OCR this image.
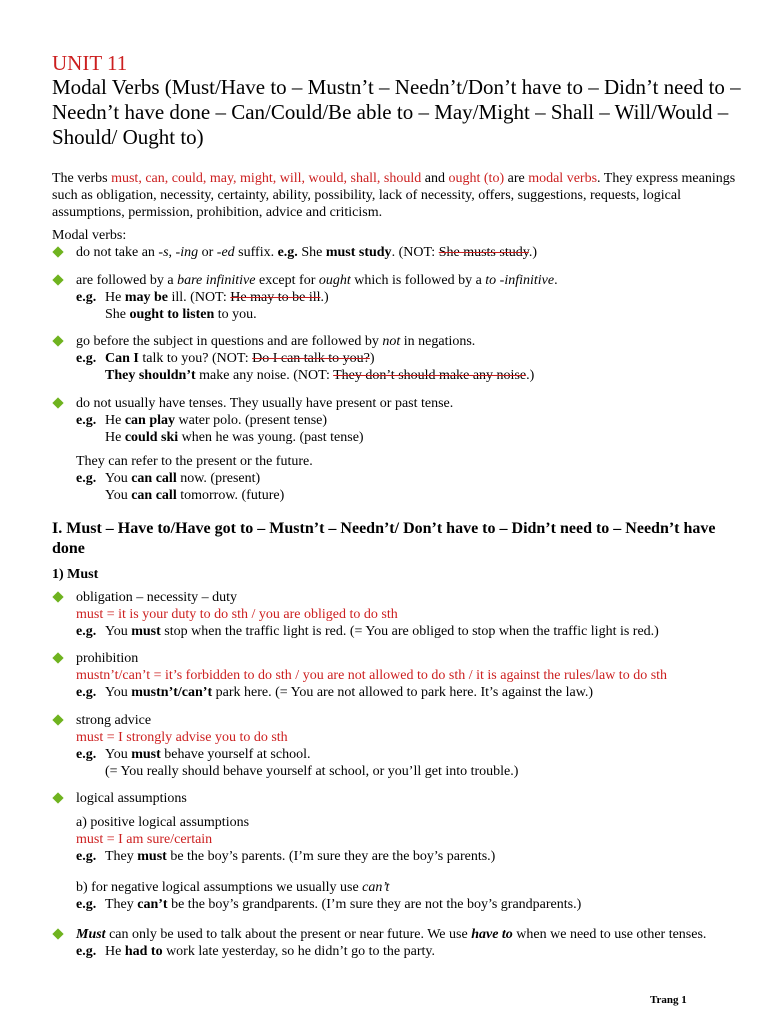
UNIT 11
Modal Verbs (Must/Have to – Mustn’t – Needn’t/Don’t have to – Didn’t need to – Needn’t have done – Can/Could/Be able to – May/Might – Shall – Will/Would – Should/ Ought to)
The verbs must, can, could, may, might, will, would, shall, should and ought (to) are modal verbs. They express meanings such as obligation, necessity, certainty, ability, possibility, lack of necessity, offers, suggestions, requests, logical assumptions, permission, prohibition, advice and criticism.
Modal verbs:
do not take an -s, -ing or -ed suffix. e.g. She must study. (NOT: She musts study.)
are followed by a bare infinitive except for ought which is followed by a to -infinitive.
e.g. He may be ill. (NOT: He may to be ill.)
She ought to listen to you.
go before the subject in questions and are followed by not in negations.
e.g. Can I talk to you? (NOT: Do I can talk to you?)
They shouldn’t make any noise. (NOT: They don’t should make any noise.)
do not usually have tenses. They usually have present or past tense.
e.g. He can play water polo. (present tense)
He could ski when he was young. (past tense)
They can refer to the present or the future.
e.g. You can call now. (present)
You can call tomorrow. (future)
I. Must – Have to/Have got to – Mustn’t – Needn’t/ Don’t have to – Didn’t need to – Needn’t have done
1) Must
obligation – necessity – duty
must = it is your duty to do sth / you are obliged to do sth
e.g. You must stop when the traffic light is red. (= You are obliged to stop when the traffic light is red.)
prohibition
mustn’t/can’t = it’s forbidden to do sth / you are not allowed to do sth / it is against the rules/law to do sth
e.g. You mustn’t/can’t park here. (= You are not allowed to park here. It’s against the law.)
strong advice
must = I strongly advise you to do sth
e.g. You must behave yourself at school.
(= You really should behave yourself at school, or you’ll get into trouble.)
logical assumptions
a) positive logical assumptions
must = I am sure/certain
e.g. They must be the boy’s parents. (I’m sure they are the boy’s parents.)
b) for negative logical assumptions we usually use can’t
e.g. They can’t be the boy’s grandparents. (I’m sure they are not the boy’s grandparents.)
Must can only be used to talk about the present or near future. We use have to when we need to use other tenses.
e.g. He had to work late yesterday, so he didn’t go to the party.
Trang 1
